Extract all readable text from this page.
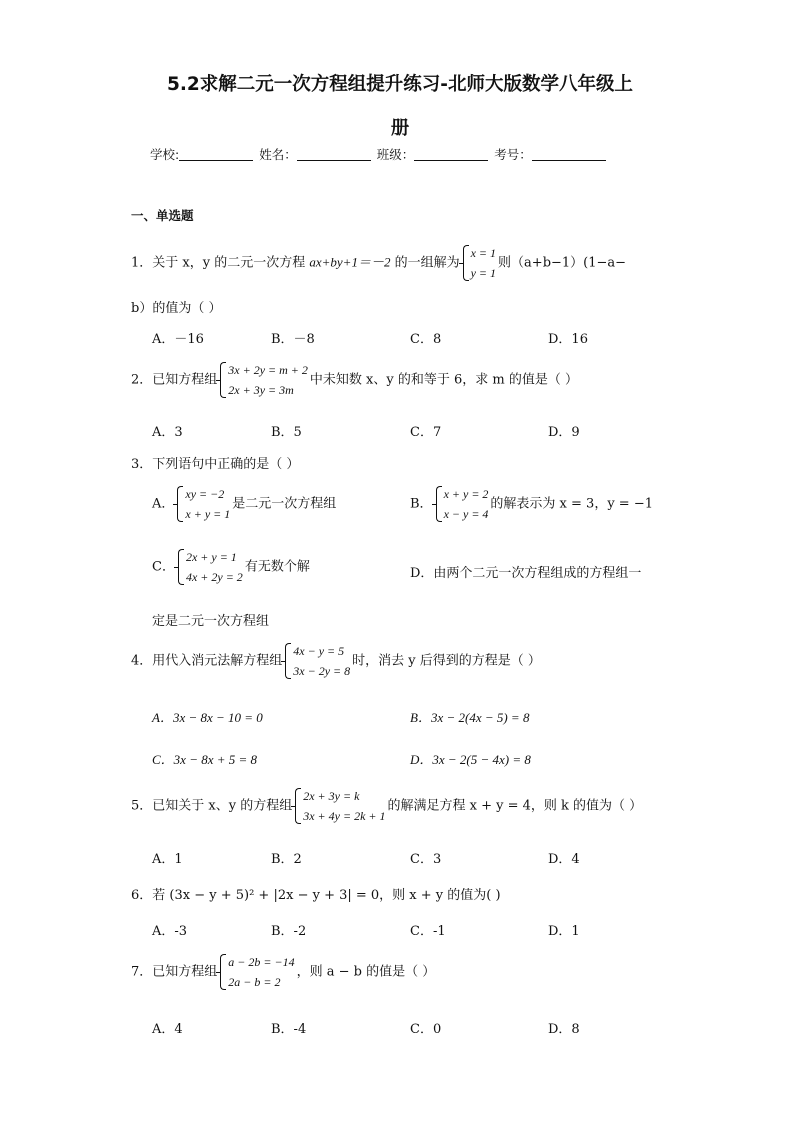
5.2求解二元一次方程组提升练习-北师大版数学八年级上
册
学校:	姓名：	班级：	考号：
一、单选题
1．关于 x，y 的二元一次方程 ax+by+1＝－2 的一组解为
x = 1
y = 1
则（a+b−1）(1−a−
b）的值为（ ）
A．－16	B．－8	C．8	D．16
2．已知方程组
3x + 2y = m + 2
2x + 3y = 3m
中未知数 x、y 的和等于 6，求 m 的值是（ ）
A．3	B．5	C．7	D．9
3．下列语句中正确的是（ ）
A．
xy = −2
x + y = 1
是二元一次方程组	B．
x + y = 2
x − y = 4
的解表示为 x = 3，y = −1
C．
2x + y = 1
4x + 2y = 2
有无数个解	D．由两个二元一次方程组成的方程组一
定是二元一次方程组
4．用代入消元法解方程组
4x − y = 5
3x − 2y = 8
时，消去 y 后得到的方程是（ ）
A．3x − 8x − 10 = 0	B．3x − 2(4x − 5) = 8
C．3x − 8x + 5 = 8	D．3x − 2(5 − 4x) = 8
5．已知关于 x、y 的方程组
2x + 3y = k
3x + 4y = 2k + 1
的解满足方程 x + y = 4，则 k 的值为（ ）
A．1	B．2	C．3	D．4
6．若 (3x − y + 5)² + |2x − y + 3| = 0，则 x + y 的值为( )
A．-3	B．-2	C．-1	D．1
7．已知方程组
a − 2b = −14
2a − b = 2
，则 a − b 的值是（ ）
A．4	B．-4	C．0	D．8
